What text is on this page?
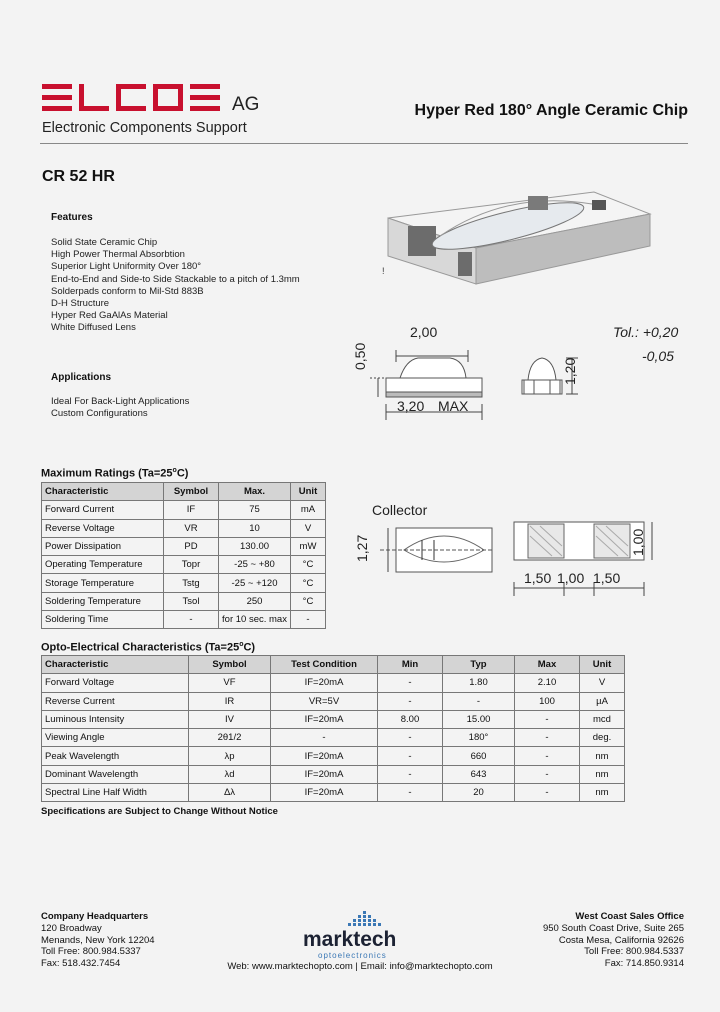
AG
Electronic Components Support
Hyper Red 180° Angle Ceramic Chip
CR 52 HR
Features
Solid State Ceramic Chip
High Power Thermal Absorbtion
Superior Light Uniformity Over 180°
End-to-End and Side-to Side Stackable to a pitch of 1.3mm
Solderpads conform to Mil-Std 883B
D-H Structure
Hyper Red GaAlAs Material
White Diffused Lens
Applications
Ideal For Back-Light Applications
Custom Configurations
!
2,00
0,50
3,20 MAX
1,20
Tol.: +0,20
-0,05
Collector
1,27
1,50 1,00 1,50
1,00
Maximum Ratings $(Ta=25^oC)$
Characteristic	Symbol	Max.	Unit
Forward Current	IF	75	mA
Reverse Voltage	VR	10	V
Power Dissipation	PD	130.00	mW
Operating Temperature	Topr	-25 ~ +80	°C
Storage Temperature	Tstg	-25 ~ +120	°C
Soldering Temperature	Tsol	250	°C
Soldering Time	-	for 10 sec. max	-
Opto-Electrical Characteristics $(Ta=25^oC)$
Characteristic	Symbol	Test Condition	Min	Typ	Max	Unit
Forward Voltage	VF	IF=20mA	-	1.80	2.10	V
Reverse Current	IR	VR=5V	-	-	100	µA
Luminous Intensity	IV	IF=20mA	8.00	15.00	-	mcd
Viewing Angle	2θ1/2	-	-	180°	-	deg.
Peak Wavelength	λp	IF=20mA	-	660	-	nm
Dominant Wavelength	λd	IF=20mA	-	643	-	nm
Spectral Line Half Width	Δλ	IF=20mA	-	20	-	nm
Specifications are Subject to Change Without Notice
Company Headquarters
120 Broadway
Menands, New York 12204
Toll Free: 800.984.5337
Fax: 518.432.7454
West Coast Sales Office
950 South Coast Drive, Suite 265
Costa Mesa, California 92626
Toll Free: 800.984.5337
Fax: 714.850.9314
marktech
optoelectronics
Web: www.marktechopto.com | Email: info@marktechopto.com
